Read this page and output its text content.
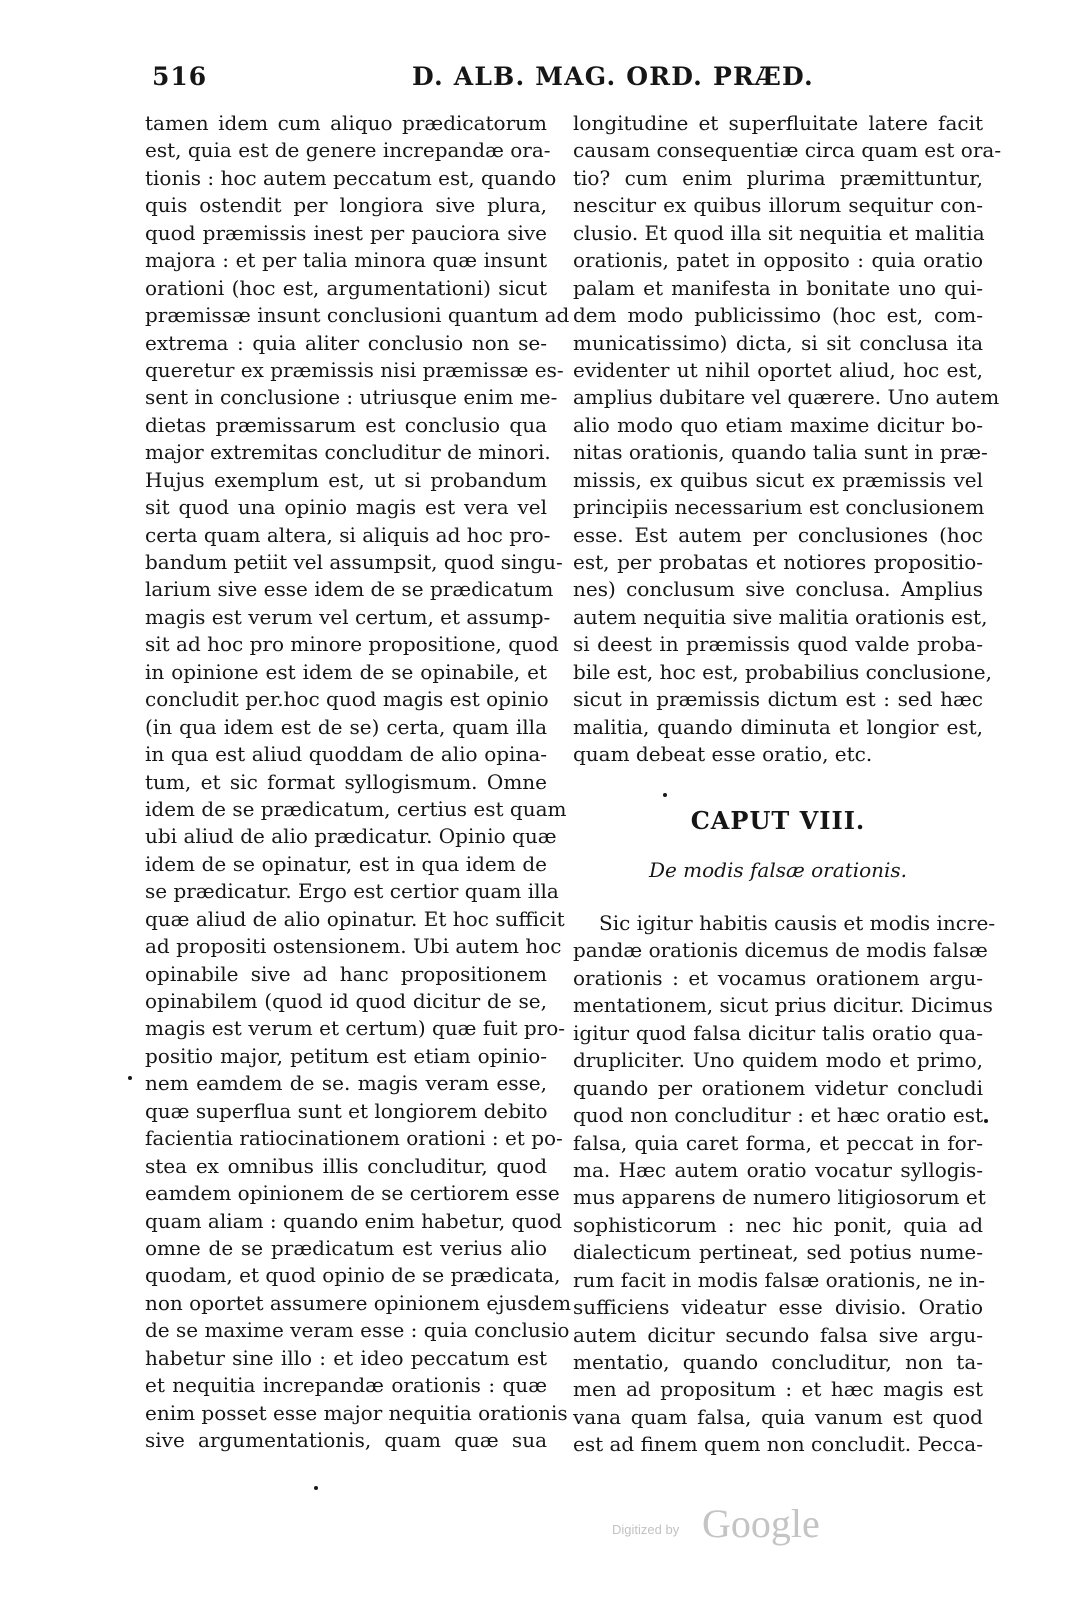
516	D. ALB. MAG. ORD. PRÆD.
tamen idem cum aliquo prædicatorum
est, quia est de genere increpandæ ora-
tionis : hoc autem peccatum est, quando
quis ostendit per longiora sive plura,
quod præmissis inest per pauciora sive
majora : et per talia minora quæ insunt
orationi (hoc est, argumentationi) sicut
præmissæ insunt conclusioni quantum ad
extrema : quia aliter conclusio non se-
queretur ex præmissis nisi præmissæ es-
sent in conclusione : utriusque enim me-
dietas præmissarum est conclusio qua
major extremitas concluditur de minori.
Hujus exemplum est, ut si probandum
sit quod una opinio magis est vera vel
certa quam altera, si aliquis ad hoc pro-
bandum petiit vel assumpsit, quod singu-
larium sive esse idem de se prædicatum
magis est verum vel certum, et assump-
sit ad hoc pro minore propositione, quod
in opinione est idem de se opinabile, et
concludit per.hoc quod magis est opinio
(in qua idem est de se) certa, quam illa
in qua est aliud quoddam de alio opina-
tum, et sic format syllogismum. Omne
idem de se prædicatum, certius est quam
ubi aliud de alio prædicatur. Opinio quæ
idem de se opinatur, est in qua idem de
se prædicatur. Ergo est certior quam illa
quæ aliud de alio opinatur. Et hoc sufficit
ad propositi ostensionem. Ubi autem hoc
opinabile sive ad hanc propositionem
opinabilem (quod id quod dicitur de se,
magis est verum et certum) quæ fuit pro-
positio major, petitum est etiam opinio-
nem eamdem de se. magis veram esse,
quæ superflua sunt et longiorem debito
facientia ratiocinationem orationi : et po-
stea ex omnibus illis concluditur, quod
eamdem opinionem de se certiorem esse
quam aliam : quando enim habetur, quod
omne de se prædicatum est verius alio
quodam, et quod opinio de se prædicata,
non oportet assumere opinionem ejusdem
de se maxime veram esse : quia conclusio
habetur sine illo : et ideo peccatum est
et nequitia increpandæ orationis : quæ
enim posset esse major nequitia orationis
sive argumentationis, quam quæ sua
longitudine et superfluitate latere facit
causam consequentiæ circa quam est ora-
tio? cum enim plurima præmittuntur,
nescitur ex quibus illorum sequitur con-
clusio. Et quod illa sit nequitia et malitia
orationis, patet in opposito : quia oratio
palam et manifesta in bonitate uno qui-
dem modo publicissimo (hoc est, com-
municatissimo) dicta, si sit conclusa ita
evidenter ut nihil oportet aliud, hoc est,
amplius dubitare vel quærere. Uno autem
alio modo quo etiam maxime dicitur bo-
nitas orationis, quando talia sunt in præ-
missis, ex quibus sicut ex præmissis vel
principiis necessarium est conclusionem
esse. Est autem per conclusiones (hoc
est, per probatas et notiores propositio-
nes) conclusum sive conclusa. Amplius
autem nequitia sive malitia orationis est,
si deest in præmissis quod valde proba-
bile est, hoc est, probabilius conclusione,
sicut in præmissis dictum est : sed hæc
malitia, quando diminuta et longior est,
quam debeat esse oratio, etc.
CAPUT VIII.
De modis falsæ orationis.
Sic igitur habitis causis et modis incre-
pandæ orationis dicemus de modis falsæ
orationis : et vocamus orationem argu-
mentationem, sicut prius dicitur. Dicimus
igitur quod falsa dicitur talis oratio qua-
drupliciter. Uno quidem modo et primo,
quando per orationem videtur concludi
quod non concluditur : et hæc oratio est
falsa, quia caret forma, et peccat in for-
ma. Hæc autem oratio vocatur syllogis-
mus apparens de numero litigiosorum et
sophisticorum : nec hic ponit, quia ad
dialecticum pertineat, sed potius nume-
rum facit in modis falsæ orationis, ne in-
sufficiens videatur esse divisio. Oratio
autem dicitur secundo falsa sive argu-
mentatio, quando concluditur, non ta-
men ad propositum : et hæc magis est
vana quam falsa, quia vanum est quod
est ad finem quem non concludit. Pecca-
Digitized by Google
